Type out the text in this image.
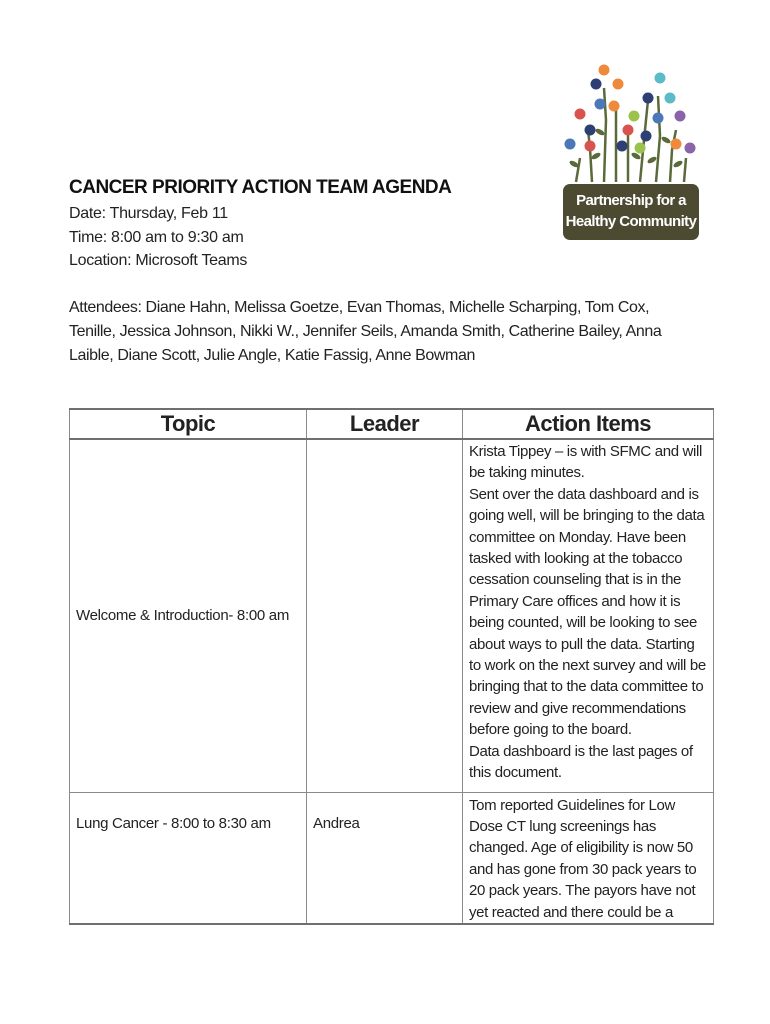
Partnership for a
Healthy Community
CANCER PRIORITY ACTION TEAM AGENDA
Date: Thursday, Feb 11
Time: 8:00 am to 9:30 am
Location: Microsoft Teams
Attendees: Diane Hahn, Melissa Goetze, Evan Thomas, Michelle Scharping, Tom Cox, Tenille, Jessica Johnson, Nikki W., Jennifer Seils, Amanda Smith, Catherine Bailey, Anna Laible, Diane Scott, Julie Angle, Katie Fassig, Anne Bowman
Topic	Leader	Action Items
Welcome & Introduction- 8:00 am		Krista Tippey – is with SFMC and will be taking minutes.
Sent over the data dashboard and is going well, will be bringing to the data committee on Monday. Have been tasked with looking at the tobacco cessation counseling that is in the Primary Care offices and how it is being counted, will be looking to see about ways to pull the data. Starting to work on the next survey and will be bringing that to the data committee to review and give recommendations before going to the board.
Data dashboard is the last pages of this document.

Lung Cancer - 8:00 to 8:30 am	Andrea	Tom reported Guidelines for Low Dose CT lung screenings has changed. Age of eligibility is now 50 and has gone from 30 pack years to 20 pack years. The payors have not yet reacted and there could be a
